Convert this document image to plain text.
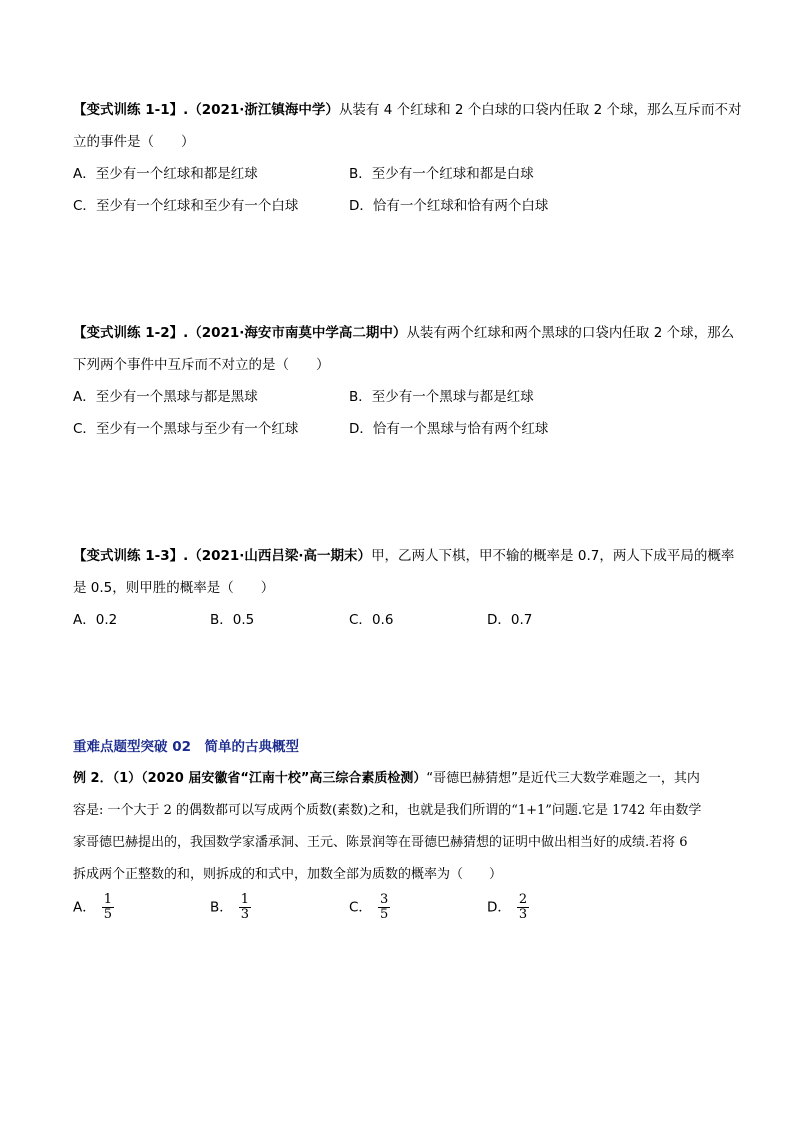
【变式训练 1-1】.（2021·浙江镇海中学）从装有 4 个红球和 2 个白球的口袋内任取 2 个球，那么互斥而不对
立的事件是（　　）
A．至少有一个红球和都是红球	B．至少有一个红球和都是白球
C．至少有一个红球和至少有一个白球	D．恰有一个红球和恰有两个白球
【变式训练 1-2】.（2021·海安市南莫中学高二期中）从装有两个红球和两个黑球的口袋内任取 2 个球，那么
下列两个事件中互斥而不对立的是（　　）
A．至少有一个黑球与都是黑球	B．至少有一个黑球与都是红球
C．至少有一个黑球与至少有一个红球	D．恰有一个黑球与恰有两个红球
【变式训练 1-3】.（2021·山西吕梁·高一期末）甲，乙两人下棋，甲不输的概率是 0.7，两人下成平局的概率
是 0.5，则甲胜的概率是（　　）
A．0.2	B．0.5	C．0.6	D．0.7
重难点题型突破 02　简单的古典概型
例 2．（1）（2020 届安徽省“江南十校”高三综合素质检测）“哥德巴赫猜想”是近代三大数学难题之一，其内
容是: 一个大于 2 的偶数都可以写成两个质数(素数)之和，也就是我们所谓的“1+1”问题.它是 1742 年由数学
家哥德巴赫提出的，我国数学家潘承洞、王元、陈景润等在哥德巴赫猜想的证明中做出相当好的成绩.若将 6
拆成两个正整数的和，则拆成的和式中，加数全部为质数的概率为（　　）
A． $\frac{1}{5}$	B． $\frac{1}{3}$	C． $\frac{3}{5}$	D． $\frac{2}{3}$
